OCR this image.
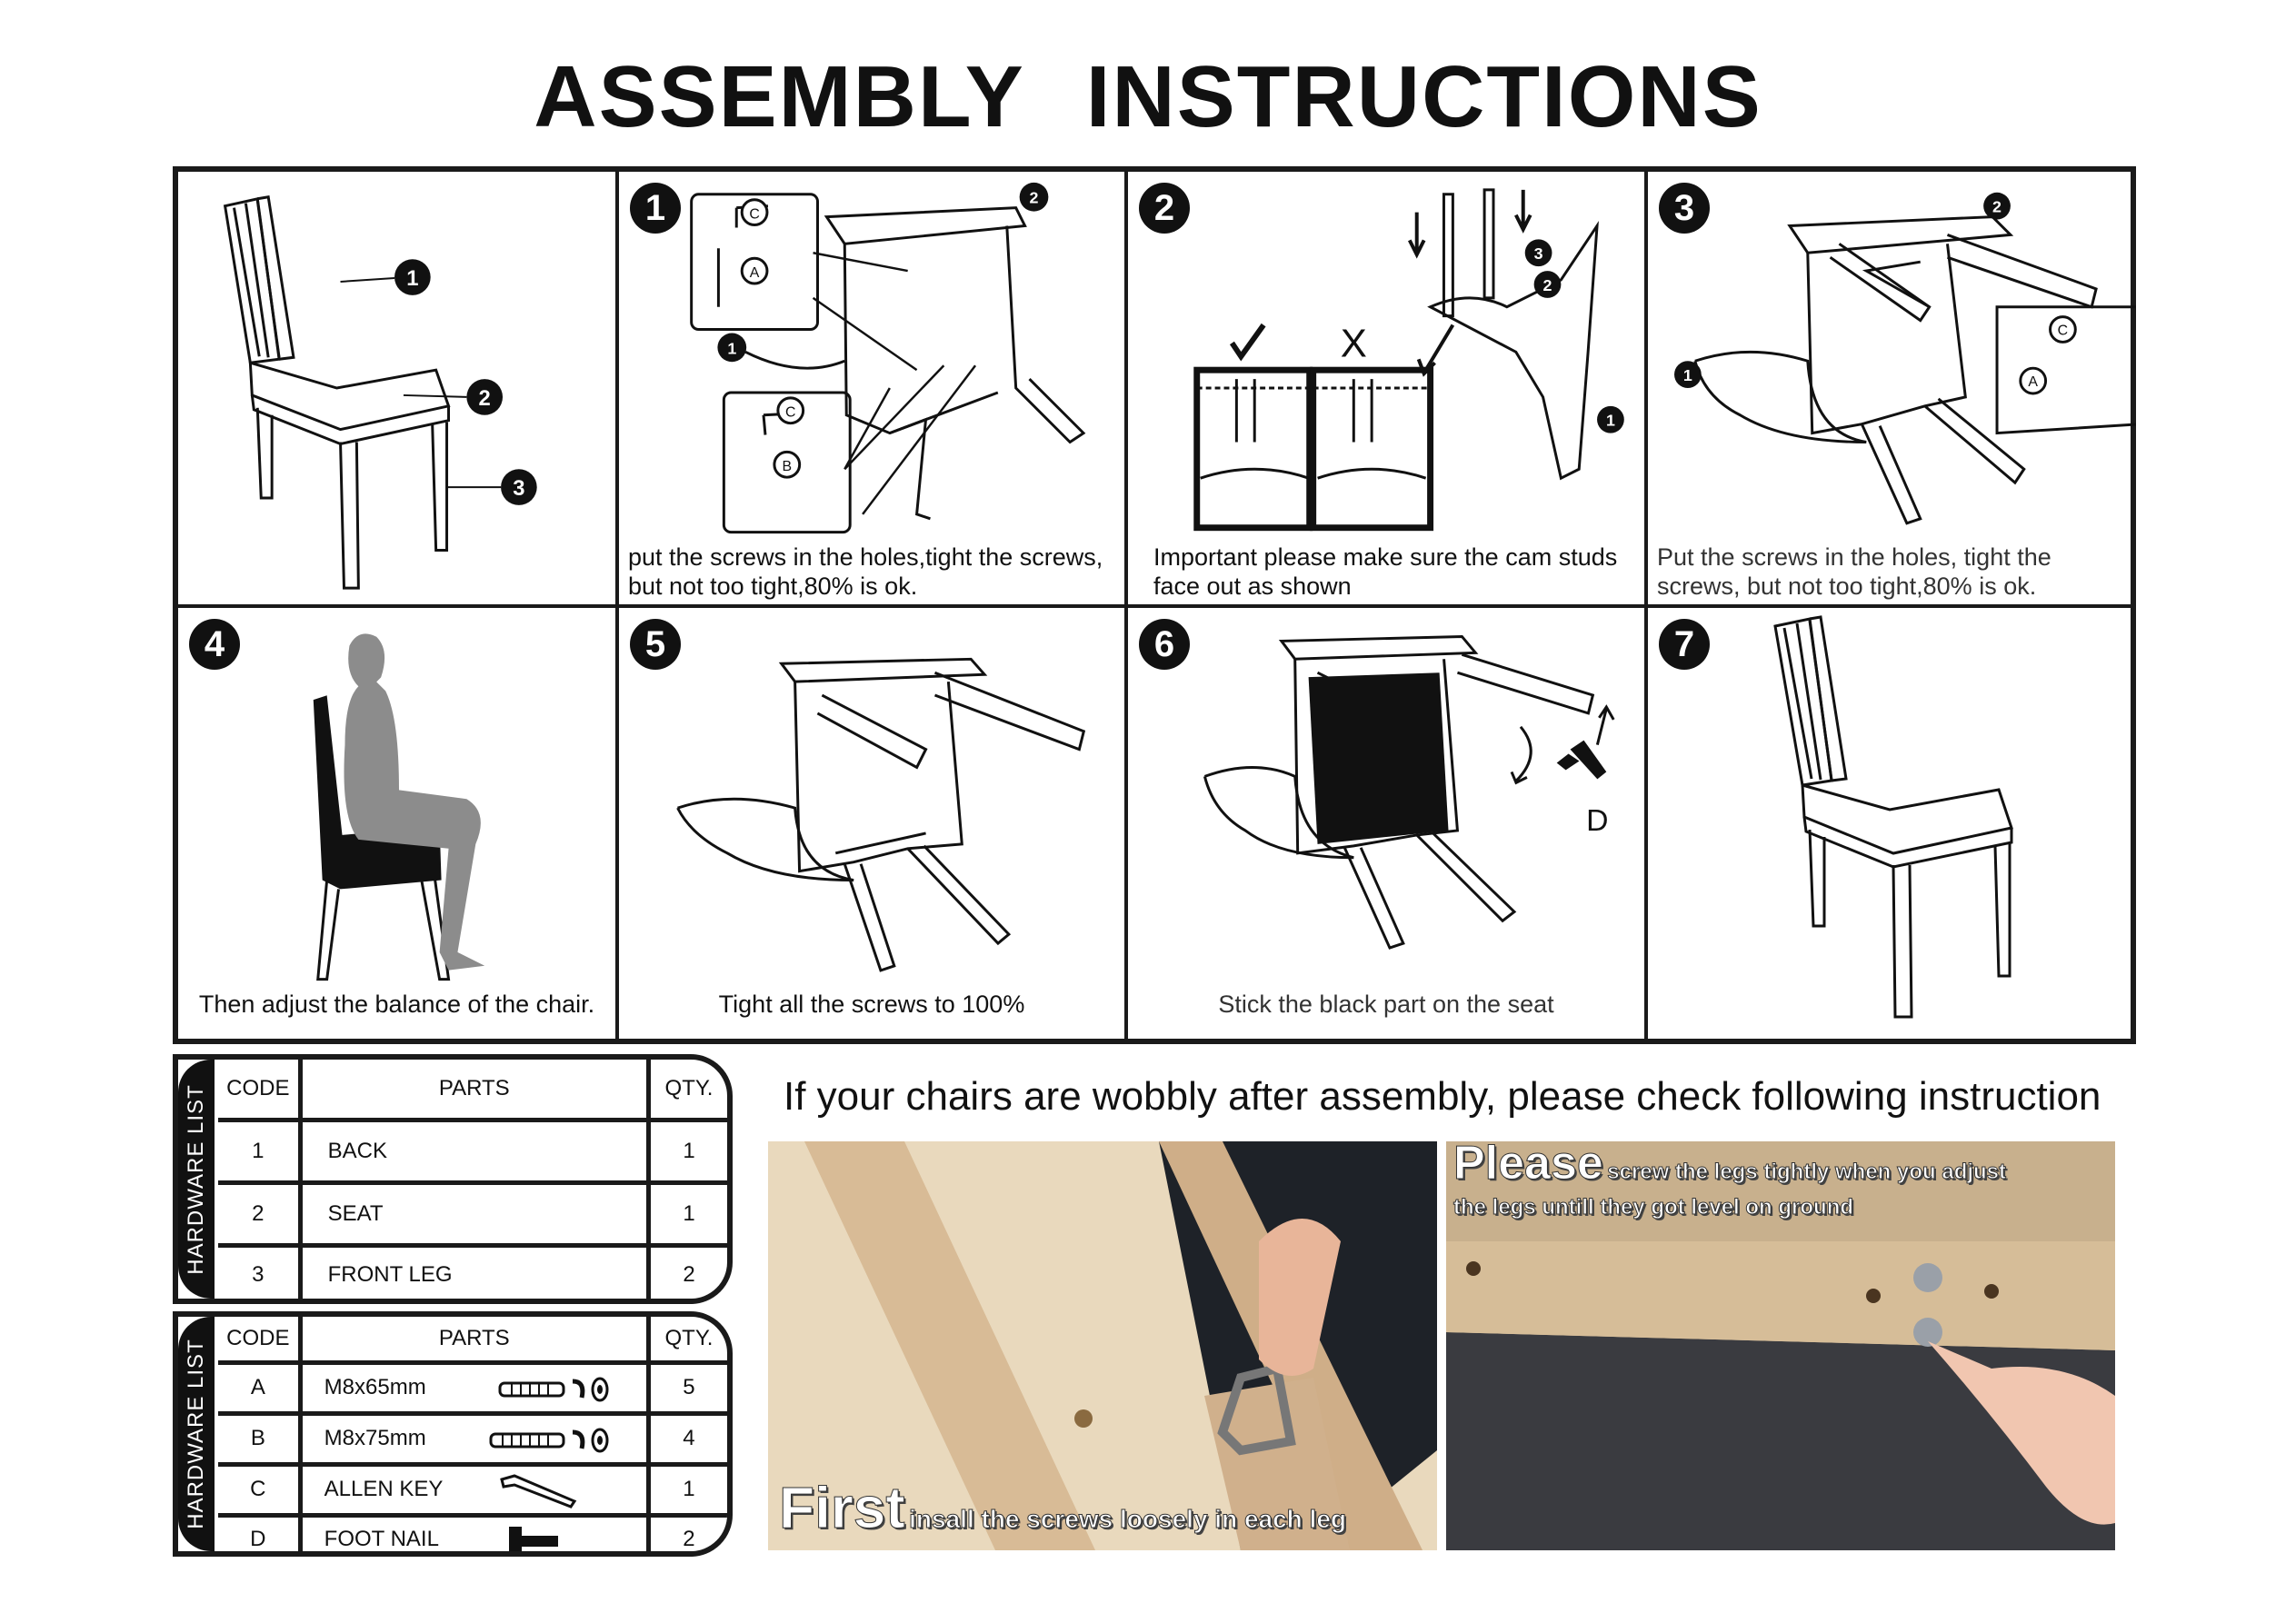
ASSEMBLY INSTRUCTIONS
1
2
3
1
1
2
A
B
C
C
put the screws in the holes,tight the screws, but not too tight,80% is ok.
2
1
2
3
X
Important please make sure the cam studs face out as shown
3
1
2
A
C
Put the screws in the holes, tight the screws, but not too tight,80% is ok.
4
Then adjust the balance of the chair.
5
Tight all the screws to 100%
6
D
Stick the black part on the seat
7
HARDWARE LIST CODE	PARTS	QTY.
1	BACK	1
2	SEAT	1
3	FRONT LEG	2
HARDWARE LIST
CODE	PARTS	QTY.
A	M8x65mm	5
B	M8x75mm	4
C	ALLEN KEY	1
D	FOOT NAIL	2
If your chairs are wobbly after assembly, please check following instruction
First insall the screws loosely in each leg
Please screw the legs tightly when you adjust
the legs untill they got level on ground
